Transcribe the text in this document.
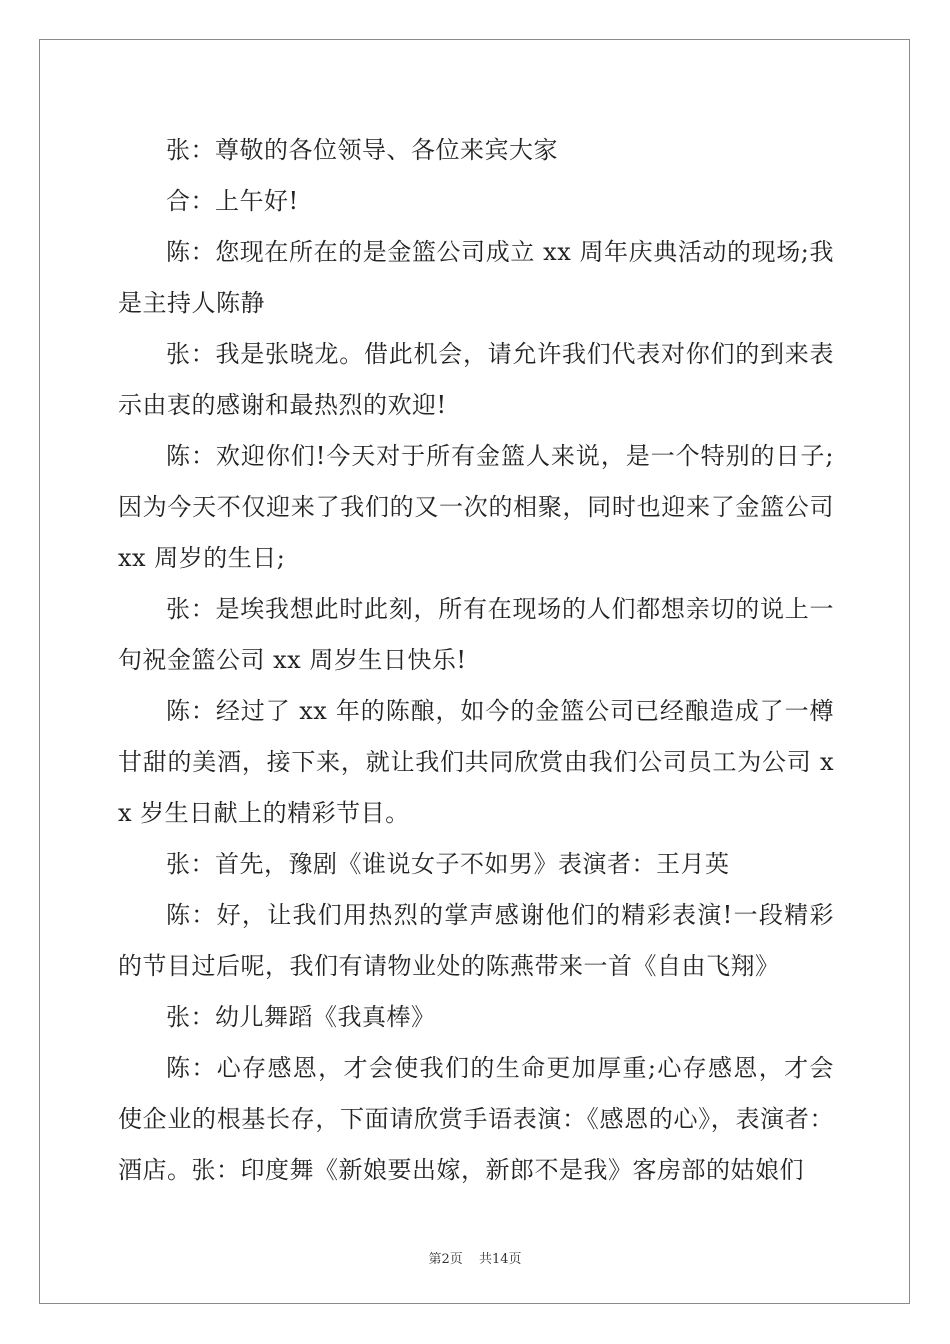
张：尊敬的各位领导、各位来宾大家

合：上午好!

陈：您现在所在的是金篮公司成立 xx 周年庆典活动的现场;我是主持人陈静

张：我是张晓龙。借此机会，请允许我们代表对你们的到来表示由衷的感谢和最热烈的欢迎!

陈：欢迎你们!今天对于所有金篮人来说，是一个特别的日子;因为今天不仅迎来了我们的又一次的相聚，同时也迎来了金篮公司 xx 周岁的生日;

张：是埃我想此时此刻，所有在现场的人们都想亲切的说上一句祝金篮公司 xx 周岁生日快乐!

陈：经过了 xx 年的陈酿，如今的金篮公司已经酿造成了一樽甘甜的美酒，接下来，就让我们共同欣赏由我们公司员工为公司 xx 岁生日献上的精彩节目。

张：首先，豫剧《谁说女子不如男》表演者：王月英

陈：好，让我们用热烈的掌声感谢他们的精彩表演!一段精彩的节目过后呢，我们有请物业处的陈燕带来一首《自由飞翔》

张：幼儿舞蹈《我真棒》

陈：心存感恩，才会使我们的生命更加厚重;心存感恩，才会使企业的根基长存，下面请欣赏手语表演：《感恩的心》，表演者：酒店。张：印度舞《新娘要出嫁，新郎不是我》客房部的姑娘们

第2页 共14页
